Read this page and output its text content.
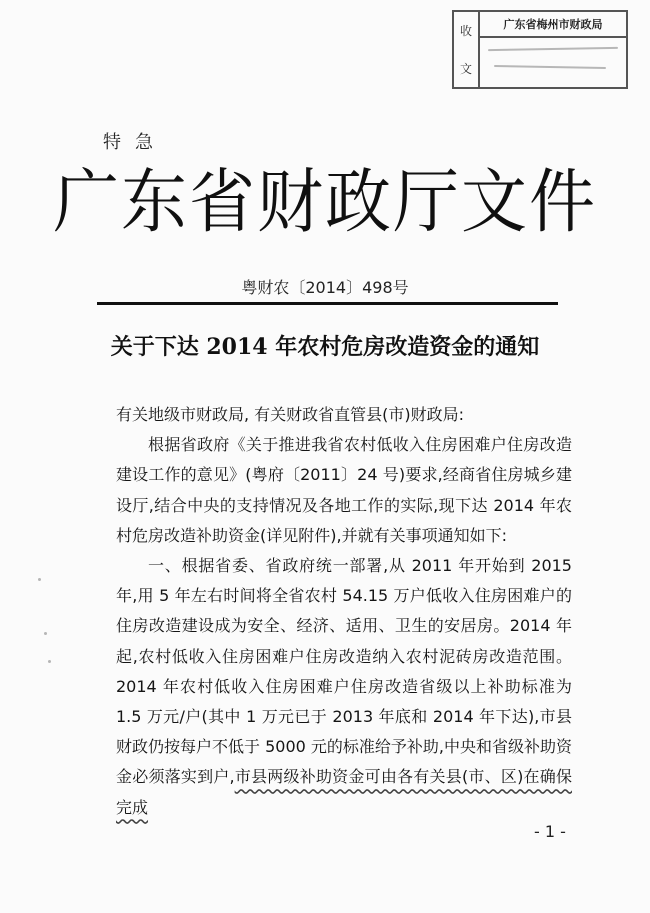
收
文
广东省梅州市财政局
特急
广东省财政厅文件
粤财农〔2014〕498号
关于下达 2014 年农村危房改造资金的通知

有关地级市财政局, 有关财政省直管县(市)财政局:

根据省政府《关于推进我省农村低收入住房困难户住房改造建设工作的意见》(粤府〔2011〕24 号)要求,经商省住房城乡建设厅,结合中央的支持情况及各地工作的实际,现下达 2014 年农村危房改造补助资金(详见附件),并就有关事项通知如下:

一、根据省委、省政府统一部署,从 2011 年开始到 2015 年,用 5 年左右时间将全省农村 54.15 万户低收入住房困难户的住房改造建设成为安全、经济、适用、卫生的安居房。2014 年起,农村低收入住房困难户住房改造纳入农村泥砖房改造范围。2014 年农村低收入住房困难户住房改造省级以上补助标准为 1.5 万元/户(其中 1 万元已于 2013 年底和 2014 年下达),市县财政仍按每户不低于 5000 元的标准给予补助,中央和省级补助资金必须落实到户,市县两级补助资金可由各有关县(市、区)在确保完成

- 1 -
